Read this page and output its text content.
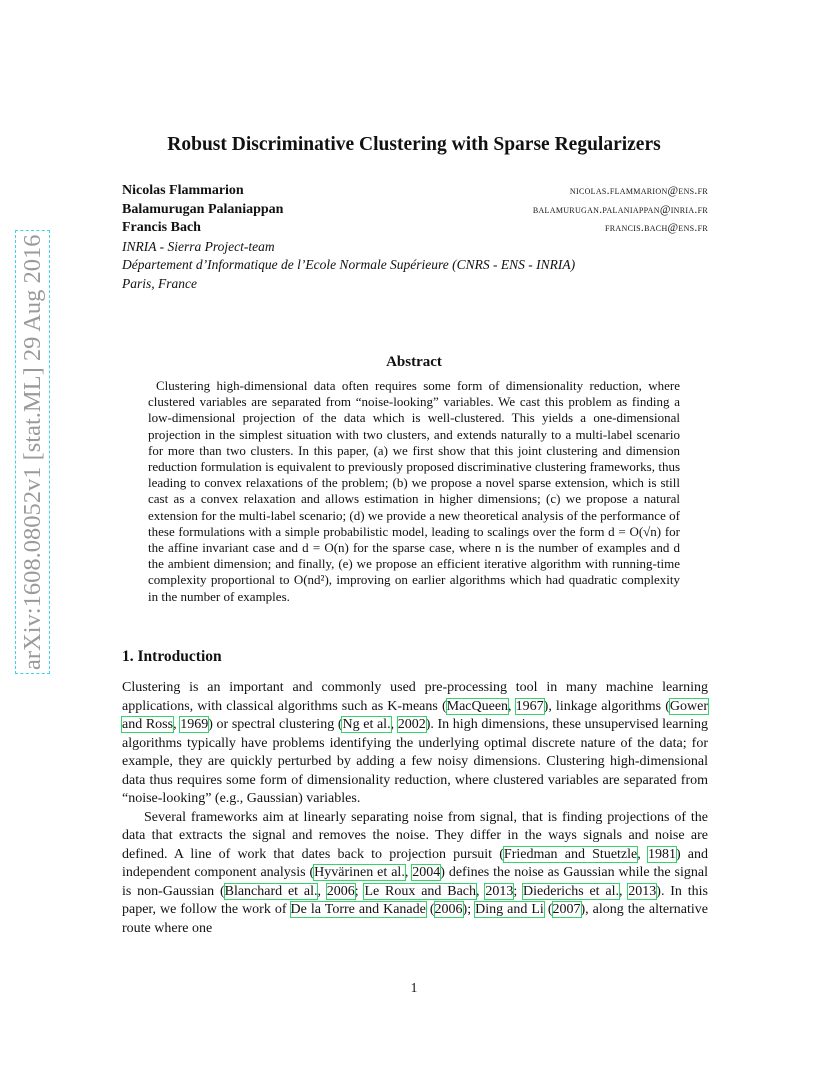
arXiv:1608.08052v1 [stat.ML] 29 Aug 2016
Robust Discriminative Clustering with Sparse Regularizers
Nicolas Flammarion	nicolas.flammarion@ens.fr
Balamurugan Palaniappan	balamurugan.palaniappan@inria.fr
Francis Bach	francis.bach@ens.fr
INRIA - Sierra Project-team
Département d’Informatique de l’Ecole Normale Supérieure (CNRS - ENS - INRIA)
Paris, France
Abstract
Clustering high-dimensional data often requires some form of dimensionality reduction, where clustered variables are separated from “noise-looking” variables. We cast this problem as finding a low-dimensional projection of the data which is well-clustered. This yields a one-dimensional projection in the simplest situation with two clusters, and extends naturally to a multi-label scenario for more than two clusters. In this paper, (a) we first show that this joint clustering and dimension reduction formulation is equivalent to previously proposed discriminative clustering frameworks, thus leading to convex relaxations of the problem; (b) we propose a novel sparse extension, which is still cast as a convex relaxation and allows estimation in higher dimensions; (c) we propose a natural extension for the multi-label scenario; (d) we provide a new theoretical analysis of the performance of these formulations with a simple probabilistic model, leading to scalings over the form d = O(√n) for the affine invariant case and d = O(n) for the sparse case, where n is the number of examples and d the ambient dimension; and finally, (e) we propose an efficient iterative algorithm with running-time complexity proportional to O(nd²), improving on earlier algorithms which had quadratic complexity in the number of examples.
1. Introduction

Clustering is an important and commonly used pre-processing tool in many machine learning applications, with classical algorithms such as K-means (MacQueen, 1967), linkage algorithms (Gower and Ross, 1969) or spectral clustering (Ng et al., 2002). In high dimensions, these unsupervised learning algorithms typically have problems identifying the underlying optimal discrete nature of the data; for example, they are quickly perturbed by adding a few noisy dimensions. Clustering high-dimensional data thus requires some form of dimensionality reduction, where clustered variables are separated from “noise-looking” (e.g., Gaussian) variables.

Several frameworks aim at linearly separating noise from signal, that is finding projections of the data that extracts the signal and removes the noise. They differ in the ways signals and noise are defined. A line of work that dates back to projection pursuit (Friedman and Stuetzle, 1981) and independent component analysis (Hyvärinen et al., 2004) defines the noise as Gaussian while the signal is non-Gaussian (Blanchard et al., 2006; Le Roux and Bach, 2013; Diederichs et al., 2013). In this paper, we follow the work of De la Torre and Kanade (2006); Ding and Li (2007), along the alternative route where one

1
